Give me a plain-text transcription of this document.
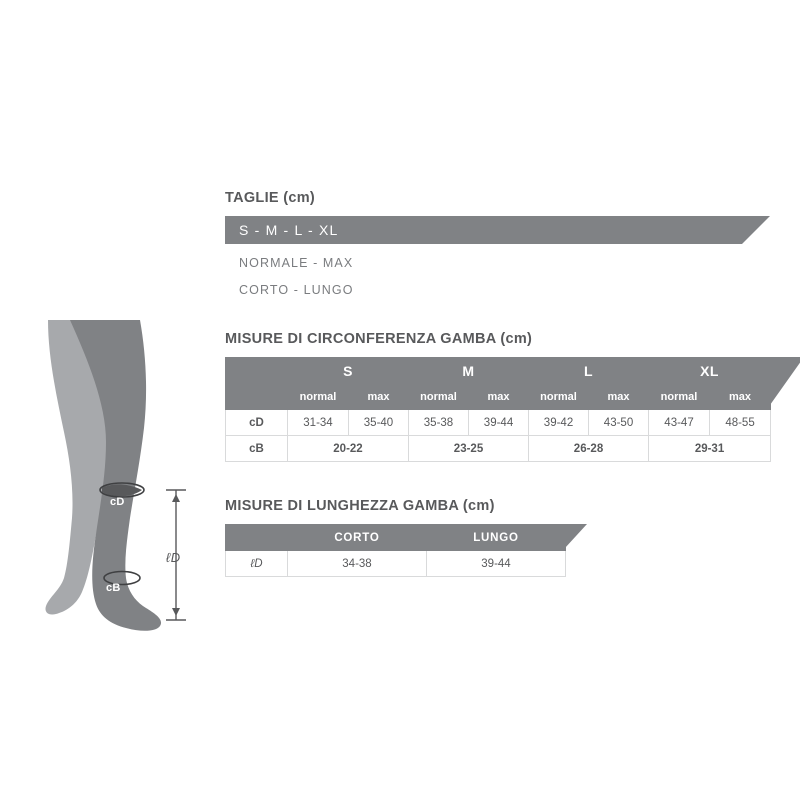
cD
cB
ℓD
TAGLIE (cm)
S - M - L - XL
NORMALE - MAX
CORTO - LUNGO
MISURE DI CIRCONFERENZA GAMBA (cm)
	S		M		L		XL	
	normal	max	normal	max	normal	max	normal	max
cD	31-34	35-40	35-38	39-44	39-42	43-50	43-47	48-55
cB	20-22		23-25		26-28		29-31	
MISURE DI LUNGHEZZA GAMBA (cm)
	CORTO	LUNGO
ℓD	34-38	39-44
